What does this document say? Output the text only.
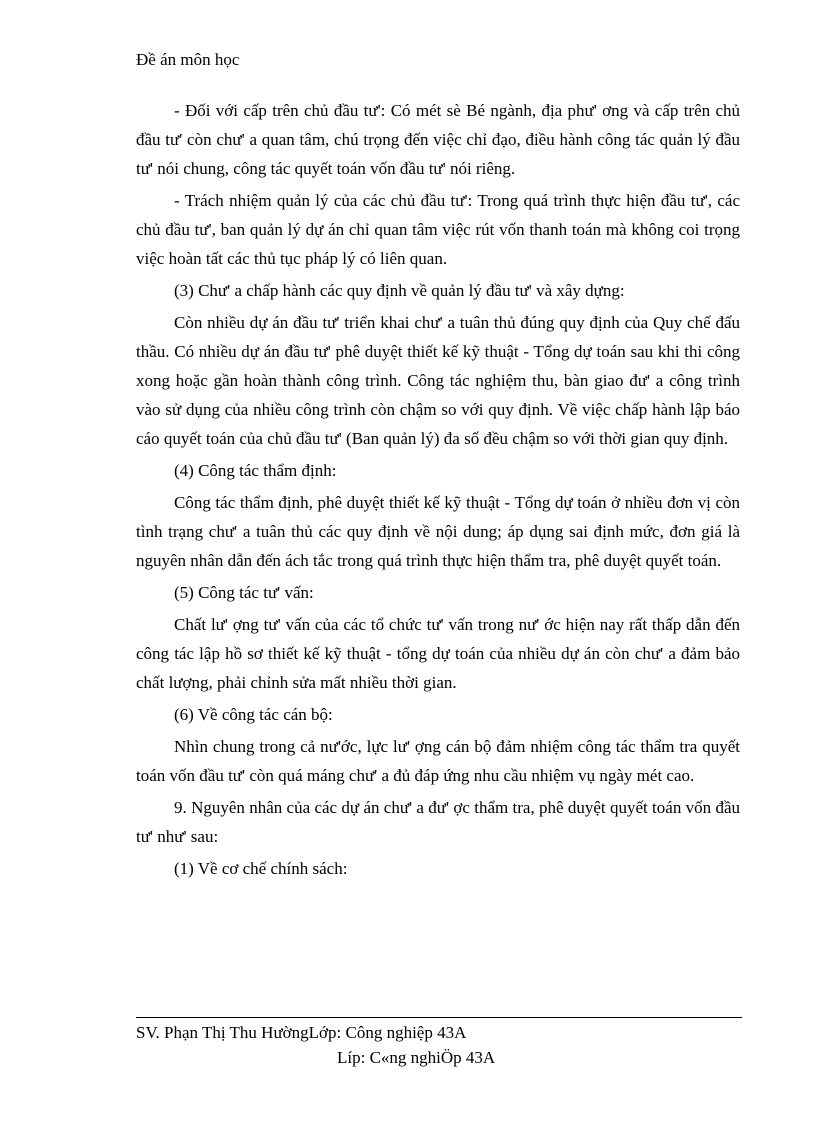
Đề án môn học

- Đối với cấp trên chủ đầu tư': Có mét sè Bé ngành, địa phư' ơng và cấp trên chủ đầu tư' còn chư' a quan tâm, chú trọng đến việc chỉ đạo, điều hành công tác quản lý đầu tư' nói chung, công tác quyết toán vốn đầu tư' nói riêng.

- Trách nhiệm quản lý của các chủ đầu tư': Trong quá trình thực hiện đầu tư', các chủ đầu tư', ban quản lý dự án chỉ quan tâm việc rút vốn thanh toán mà không coi trọng việc hoàn tất các thủ tục pháp lý có liên quan.

(3) Chư' a chấp hành các quy định về quản lý đầu tư' và xây dựng:

Còn nhiều dự án đầu tư' triển khai chư' a tuân thủ đúng quy định của Quy chế đấu thầu. Có nhiều dự án đầu tư' phê duyệt thiết kế kỹ thuật - Tổng dự toán sau khi thi công xong hoặc gần hoàn thành công trình. Công tác nghiệm thu, bàn giao đư' a công trình vào sử dụng của nhiều công trình còn chậm so với quy định. Về việc chấp hành lập báo cáo quyết toán của chủ đầu tư' (Ban quản lý) đa số đều chậm so với thời gian quy định.

(4) Công tác thẩm định:

Công tác thẩm định, phê duyệt thiết kế kỹ thuật - Tổng dự toán ở nhiều đơn vị còn tình trạng chư' a tuân thủ các quy định về nội dung; áp dụng sai định mức, đơn giá là nguyên nhân dẫn đến ách tắc trong quá trình thực hiện thẩm tra, phê duyệt quyết toán.

(5) Công tác tư' vấn:

Chất lư' ợng tư' vấn của các tổ chức tư' vấn trong nư' ớc hiện nay rất thấp dẫn đến công tác lập hồ sơ thiết kế kỹ thuật - tổng dự toán của nhiều dự án còn chư' a đảm bảo chất lượng, phải chỉnh sửa mất nhiều thời gian.

(6) Về công tác cán bộ:

Nhìn chung trong cả nư'ớc, lực lư' ợng cán bộ đảm nhiệm công tác thẩm tra quyết toán vốn đầu tư' còn quá máng chư' a đủ đáp ứng nhu cầu nhiệm vụ ngày mét cao.

9. Nguyên nhân của các dự án chư' a đư' ợc thẩm tra, phê duyệt quyết toán vốn đầu tư' như' sau:

(1) Về cơ chế chính sách:

SV. Phạn Thị Thu HườngLớp: Công nghiệp 43A
Líp: C«ng nghiÖp 43A
